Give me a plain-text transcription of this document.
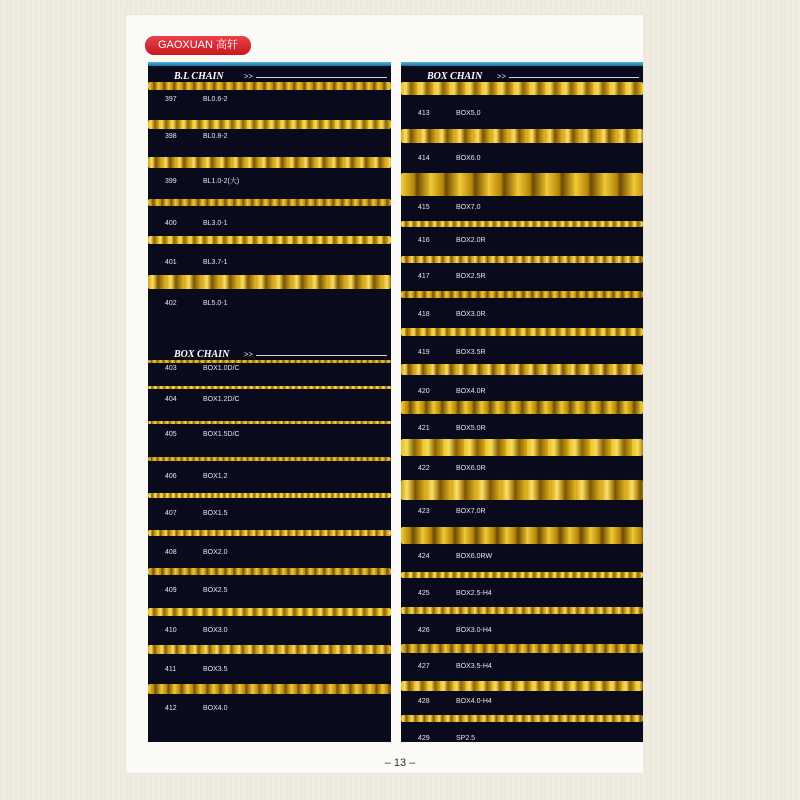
GAOXUAN 高轩
B.L CHAIN	>>
BOX CHAIN >>
397	BL0.6-2
398	BL0.8-2
399	BL1.0-2(大)
400	BL3.0-1
401	BL3.7-1
402	BL5.0-1
403	BOX1.0D/C
404	BOX1.2D/C
405	BOX1.5D/C
406	BOX1.2
407	BOX1.5
408	BOX2.0
409	BOX2.5
410	BOX3.0
411	BOX3.5
412	BOX4.0
BOX CHAIN >>
413	BOX5.0
414	BOX6.0
415	BOX7.0
416	BOX2.0R
417	BOX2.5R
418	BOX3.0R
419	BOX3.5R
420	BOX4.0R
421	BOX5.0R
422	BOX6.0R
423	BOX7.0R
424	BOX6.0RW
425	BOX2.5-H4
426	BOX3.0-H4
427	BOX3.5-H4
428	BOX4.0-H4
429	SP2.5
– 13 –
